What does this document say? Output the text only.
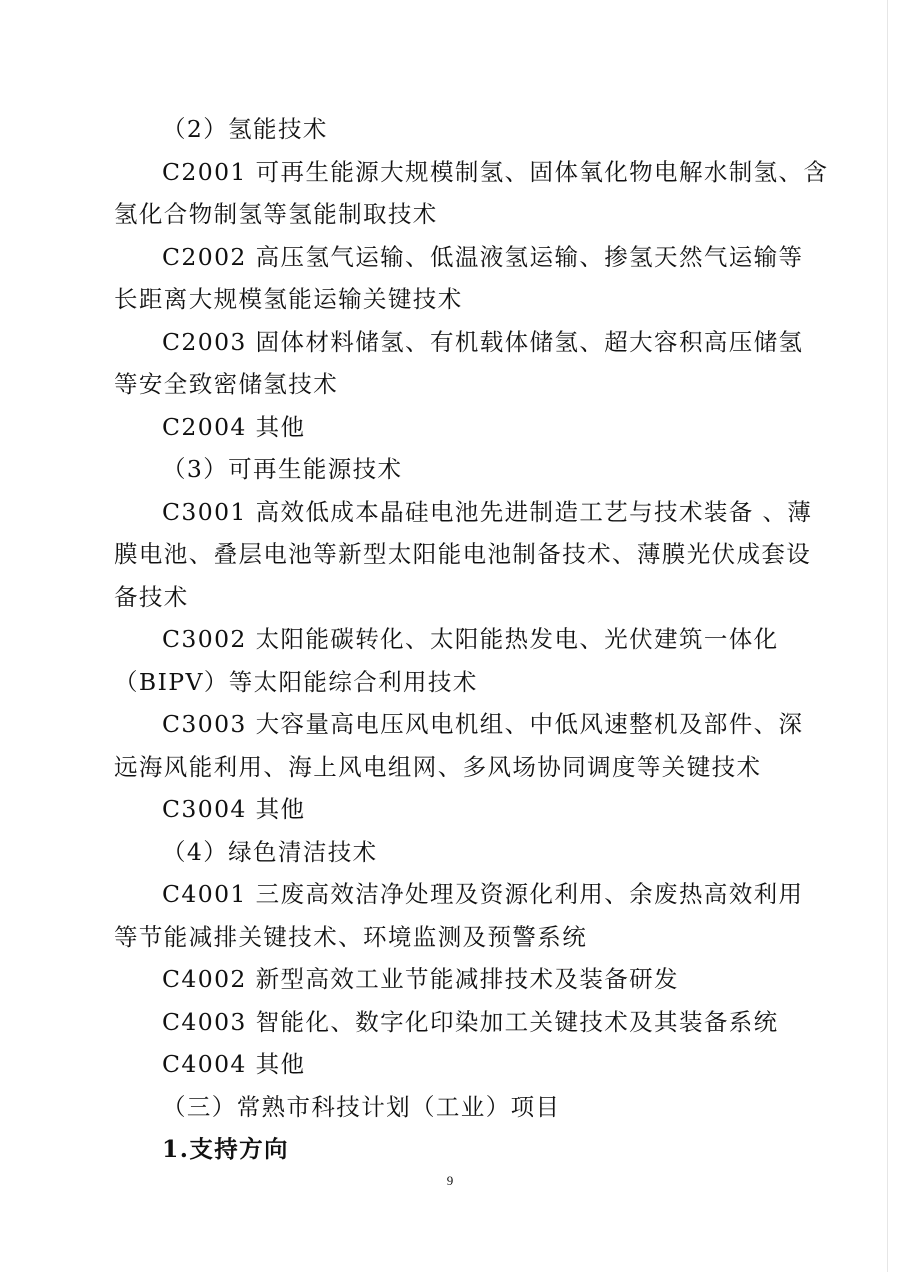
（2）氢能技术
C2001 可再生能源大规模制氢、固体氧化物电解水制氢、含
氢化合物制氢等氢能制取技术
C2002 高压氢气运输、低温液氢运输、掺氢天然气运输等
长距离大规模氢能运输关键技术
C2003 固体材料储氢、有机载体储氢、超大容积高压储氢
等安全致密储氢技术
C2004 其他
（3）可再生能源技术
C3001 高效低成本晶硅电池先进制造工艺与技术装备 、薄
膜电池、叠层电池等新型太阳能电池制备技术、薄膜光伏成套设
备技术
C3002 太阳能碳转化、太阳能热发电、光伏建筑一体化
（BIPV）等太阳能综合利用技术
C3003 大容量高电压风电机组、中低风速整机及部件、深
远海风能利用、海上风电组网、多风场协同调度等关键技术
C3004 其他
（4）绿色清洁技术
C4001 三废高效洁净处理及资源化利用、余废热高效利用
等节能减排关键技术、环境监测及预警系统
C4002 新型高效工业节能减排技术及装备研发
C4003 智能化、数字化印染加工关键技术及其装备系统
C4004 其他
（三）常熟市科技计划（工业）项目
1.支持方向
9
